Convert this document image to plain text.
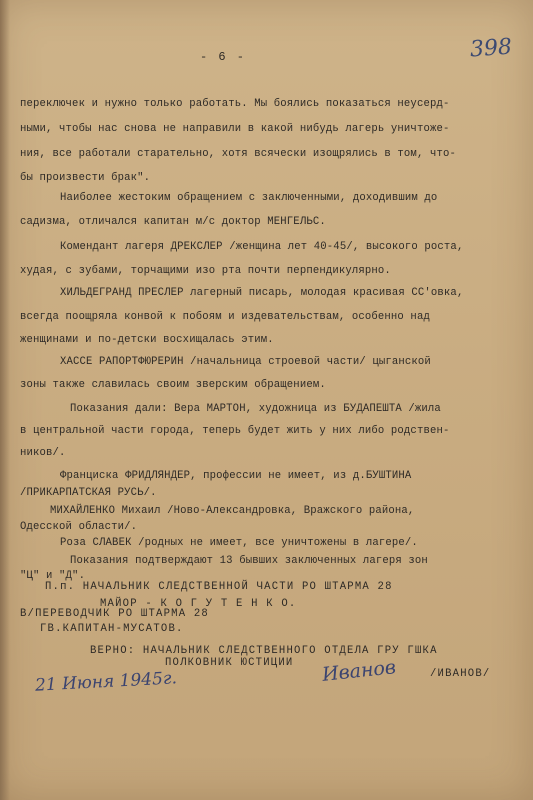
- 6 -	398
переключек и нужно только работать. Мы боялись показаться неусерд-
ными, чтобы нас снова не направили в какой нибудь лагерь уничтоже-
ния, все работали старательно, хотя всячески изощрялись в том, что-
бы произвести брак".
Наиболее жестоким обращением с заключенными, доходившим до
садизма, отличался капитан м/с доктор МЕНГЕЛЬС.
Комендант лагеря ДРЕКСЛЕР /женщина лет 40-45/, высокого роста,
худая, с зубами, торчащими изо рта почти перпендикулярно.
ХИЛЬДЕГРАНД ПРЕСЛЕР лагерный писарь, молодая красивая СС'овка,
всегда поощряла конвой к побоям и издевательствам, особенно над
женщинами и по-детски восхищалась этим.
ХАССЕ РАПОРТФЮРЕРИН /начальница строевой части/ цыганской
зоны также славилась своим зверским обращением.
Показания дали: Вера МАРТОН, художница из БУДАПЕШТА /жила
в центральной части города, теперь будет жить у них либо родствен-
ников/.
Франциска ФРИДЛЯНДЕР, профессии не имеет, из д.БУШТИНА
/ПРИКАРПАТСКАЯ РУСЬ/.
МИХАЙЛЕНКО Михаил /Ново-Александровка, Вражского района,
Одесской области/.
Роза СЛАВЕК /родных не имеет, все уничтожены в лагере/.
Показания подтверждают 13 бывших заключенных лагеря зон
"Ц" и "Д".
П.п. НАЧАЛЬНИК СЛЕДСТВЕННОЙ ЧАСТИ РО ШТАРМА 28
МАЙОР - К О Г У Т Е Н К О.
В/ПЕРЕВОДЧИК РО ШТАРМА 28
ГВ.КАПИТАН-МУСАТОВ.
ВЕРНО: НАЧАЛЬНИК СЛЕДСТВЕННОГО ОТДЕЛА ГРУ ГШКА
ПОЛКОВНИК ЮСТИЦИИ
/ИВАНОВ/
21 Июня 1945г.	Иванов
